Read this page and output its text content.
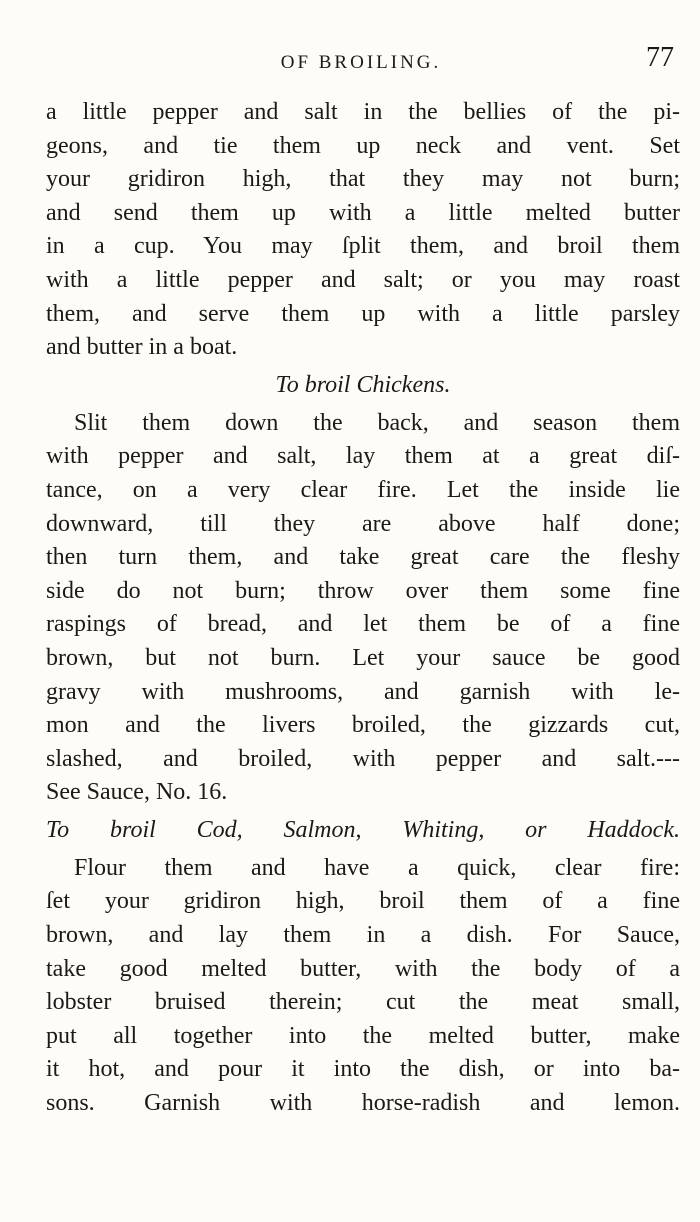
OF BROILING.	77
a little pepper and salt in the bellies of the pi-
geons, and tie them up neck and vent. Set
your gridiron high, that they may not burn;
and send them up with a little melted butter
in a cup. You may ſplit them, and broil them
with a little pepper and salt; or you may roast
them, and serve them up with a little parsley
and butter in a boat.
To broil Chickens.
Slit them down the back, and season them
with pepper and salt, lay them at a great diſ-
tance, on a very clear fire. Let the inside lie
downward, till they are above half done;
then turn them, and take great care the fleshy
side do not burn; throw over them some fine
raspings of bread, and let them be of a fine
brown, but not burn. Let your sauce be good
gravy with mushrooms, and garnish with le-
mon and the livers broiled, the gizzards cut,
slashed, and broiled, with pepper and salt.---
See Sauce, No. 16.
To broil Cod, Salmon, Whiting, or Haddock.
Flour them and have a quick, clear fire:
ſet your gridiron high, broil them of a fine
brown, and lay them in a dish. For Sauce,
take good melted butter, with the body of a
lobster bruised therein; cut the meat small,
put all together into the melted butter, make
it hot, and pour it into the dish, or into ba-
sons. Garnish with horse-radish and lemon.
